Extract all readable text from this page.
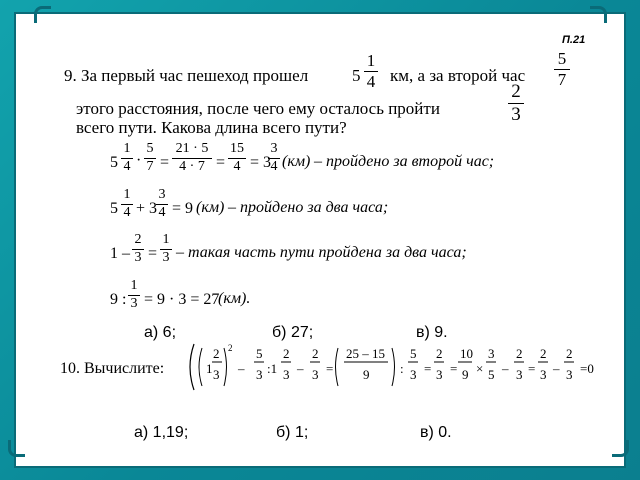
П.21
9. За первый час пешеход прошел	5
1
4 км, а за второй час
5
7
этого расстояния, после чего ему осталось пройти
2
3
всего пути. Какова длина всего пути?
5
1
4 ·
5
7 =
21 · 5
4 · 7 =
15
4 = 3
3
4 (км) – пройдено за второй час;
5
1
4 + 3
3
4 = 9 (км) – пройдено за два часа;
1 –
2
3 =
1
3 – такая часть пути пройдена за два часа;
9 :
1
3 = 9 · 3 = 27
(км).
а) 6;	б) 27;	в) 9.
10. Вычислите:	1
2
3
2
–
5
3 :1
2
3 –
2
3 =
25 – 15
9 :
5
3 =
2
3 =
10
9 ×
3
5 –
2
3 =
2
3 –
2
3 =0
а) 1,19;	б) 1;	в) 0.
